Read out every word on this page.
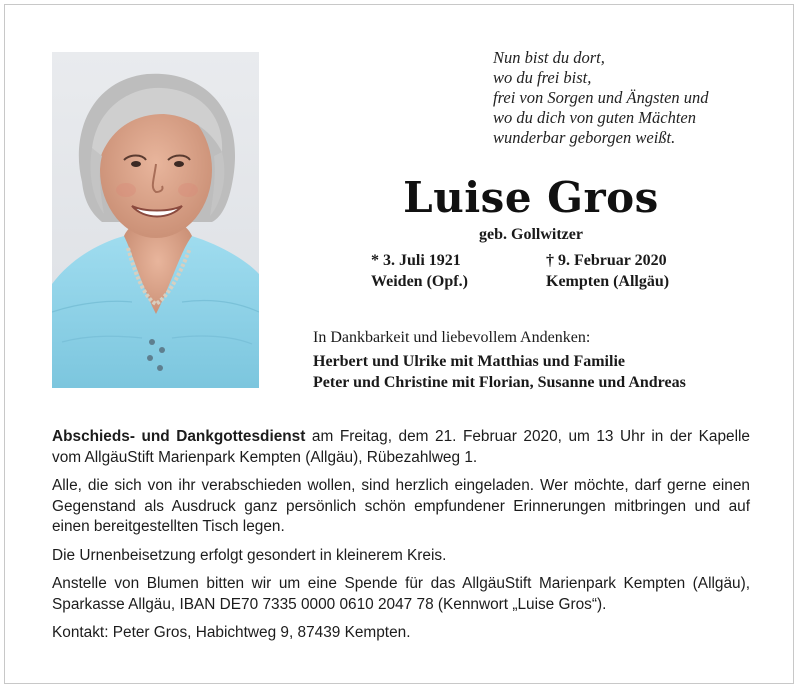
Nun bist du dort,
wo du frei bist,
frei von Sorgen und Ängsten und
wo du dich von guten Mächten
wunderbar geborgen weißt.
Luise Gros
geb. Gollwitzer
* 3. Juli 1921
Weiden (Opf.)
† 9. Februar 2020
Kempten (Allgäu)
In Dankbarkeit und liebevollem Andenken:
Herbert und Ulrike mit Matthias und Familie
Peter und Christine mit Florian, Susanne und Andreas

Abschieds- und Dankgottesdienst am Freitag, dem 21. Februar 2020, um 13 Uhr in der Kapelle vom AllgäuStift Marienpark Kempten (Allgäu), Rübezahlweg 1.

Alle, die sich von ihr verabschieden wollen, sind herzlich eingeladen. Wer möchte, darf gerne einen Gegenstand als Ausdruck ganz persönlich schön empfundener Erinnerungen mitbringen und auf einen bereitgestellten Tisch legen.

Die Urnenbeisetzung erfolgt gesondert in kleinerem Kreis.

Anstelle von Blumen bitten wir um eine Spende für das AllgäuStift Marienpark Kempten (Allgäu), Sparkasse Allgäu, IBAN DE70 7335 0000 0610 2047 78 (Kennwort „Luise Gros“).

Kontakt: Peter Gros, Habichtweg 9, 87439 Kempten.
